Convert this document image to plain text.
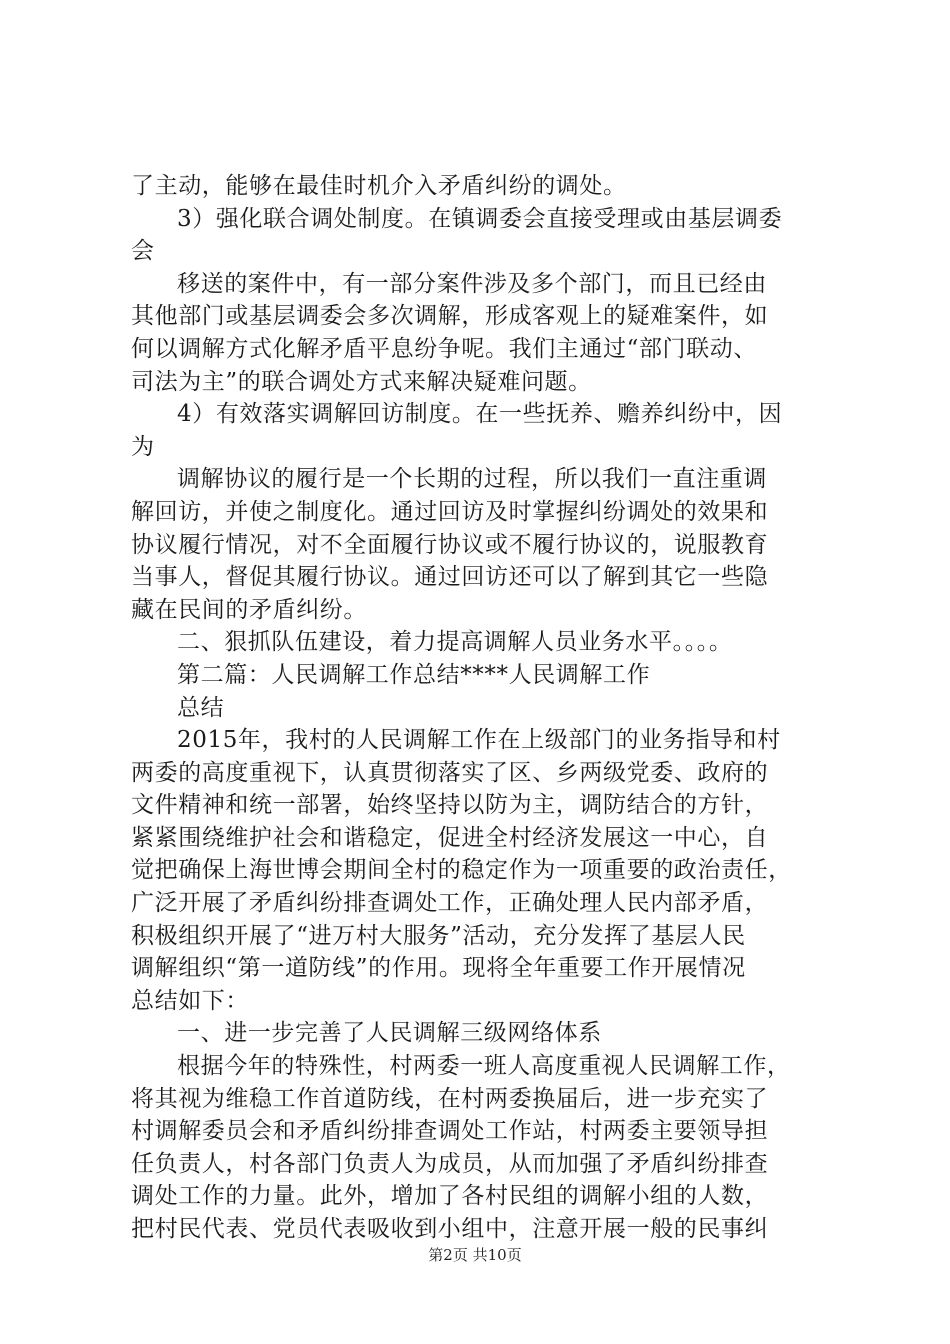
了主动，能够在最佳时机介入矛盾纠纷的调处。
3）强化联合调处制度。在镇调委会直接受理或由基层调委
会
移送的案件中，有一部分案件涉及多个部门，而且已经由
其他部门或基层调委会多次调解，形成客观上的疑难案件，如
何以调解方式化解矛盾平息纷争呢。我们主通过“部门联动、
司法为主”的联合调处方式来解决疑难问题。
4）有效落实调解回访制度。在一些抚养、赡养纠纷中，因
为
调解协议的履行是一个长期的过程，所以我们一直注重调
解回访，并使之制度化。通过回访及时掌握纠纷调处的效果和
协议履行情况，对不全面履行协议或不履行协议的，说服教育
当事人，督促其履行协议。通过回访还可以了解到其它一些隐
藏在民间的矛盾纠纷。
二、狠抓队伍建设，着力提高调解人员业务水平。。。。
第二篇：人民调解工作总结****人民调解工作
总结
2015年，我村的人民调解工作在上级部门的业务指导和村
两委的高度重视下，认真贯彻落实了区、乡两级党委、政府的
文件精神和统一部署，始终坚持以防为主，调防结合的方针，
紧紧围绕维护社会和谐稳定，促进全村经济发展这一中心，自
觉把确保上海世博会期间全村的稳定作为一项重要的政治责任，
广泛开展了矛盾纠纷排查调处工作，正确处理人民内部矛盾，
积极组织开展了“进万村大服务”活动，充分发挥了基层人民
调解组织“第一道防线”的作用。现将全年重要工作开展情况
总结如下：
一、进一步完善了人民调解三级网络体系
根据今年的特殊性，村两委一班人高度重视人民调解工作，
将其视为维稳工作首道防线，在村两委换届后，进一步充实了
村调解委员会和矛盾纠纷排查调处工作站，村两委主要领导担
任负责人，村各部门负责人为成员，从而加强了矛盾纠纷排查
调处工作的力量。此外，增加了各村民组的调解小组的人数，
把村民代表、党员代表吸收到小组中，注意开展一般的民事纠
第2页 共10页
